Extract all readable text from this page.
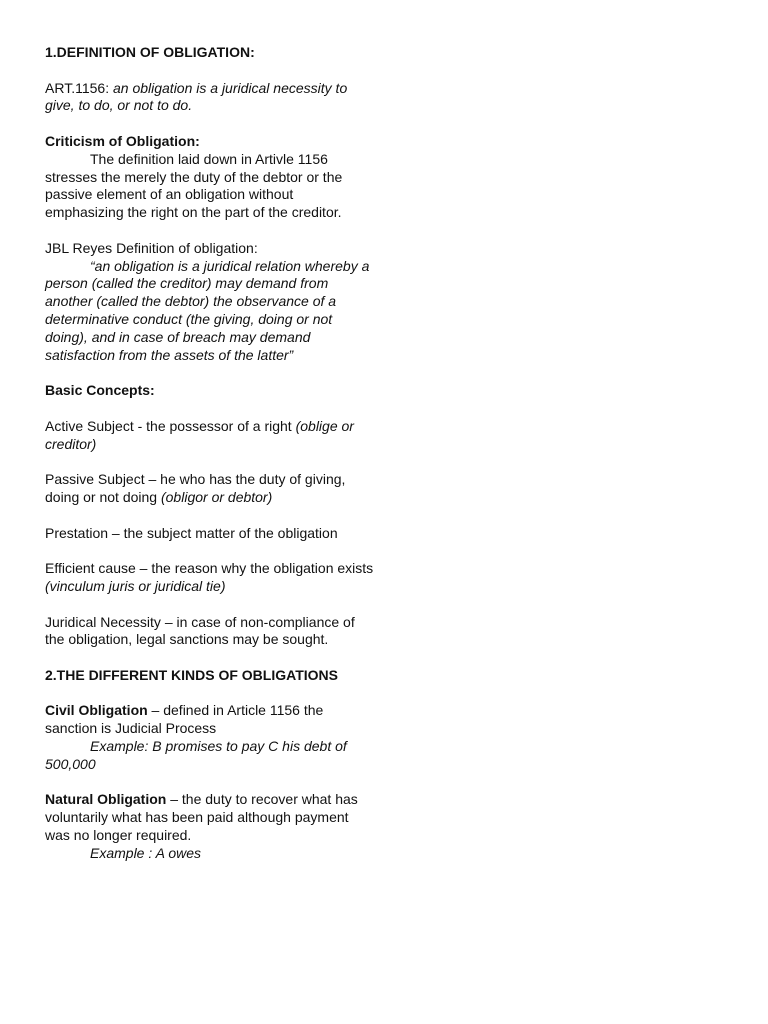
1.DEFINITION OF OBLIGATION:

ART.1156: an obligation is a juridical necessity to give, to do, or not to do.

Criticism of Obligation:

The definition laid down in Artivle 1156 stresses the merely the duty of the debtor or the passive element of an obligation without emphasizing the right on the part of the creditor.

JBL Reyes Definition of obligation:

“an obligation is a juridical relation whereby a person (called the creditor) may demand from another (called the debtor) the observance of a determinative conduct (the giving, doing or not doing), and in case of breach may demand satisfaction from the assets of the latter”

Basic Concepts:

Active Subject - the possessor of a right (oblige or creditor)

Passive Subject – he who has the duty of giving, doing or not doing (obligor or debtor)

Prestation – the subject matter of the obligation

Efficient cause – the reason why the obligation exists (vinculum juris or juridical tie)

Juridical Necessity – in case of non-compliance of the obligation, legal sanctions may be sought.

2.THE DIFFERENT KINDS OF OBLIGATIONS

Civil Obligation – defined in Article 1156 the sanction is Judicial Process

Example: B promises to pay C his debt of 500,000

Natural Obligation – the duty to recover what has voluntarily what has been paid although payment was no longer required.

Example : A owes
